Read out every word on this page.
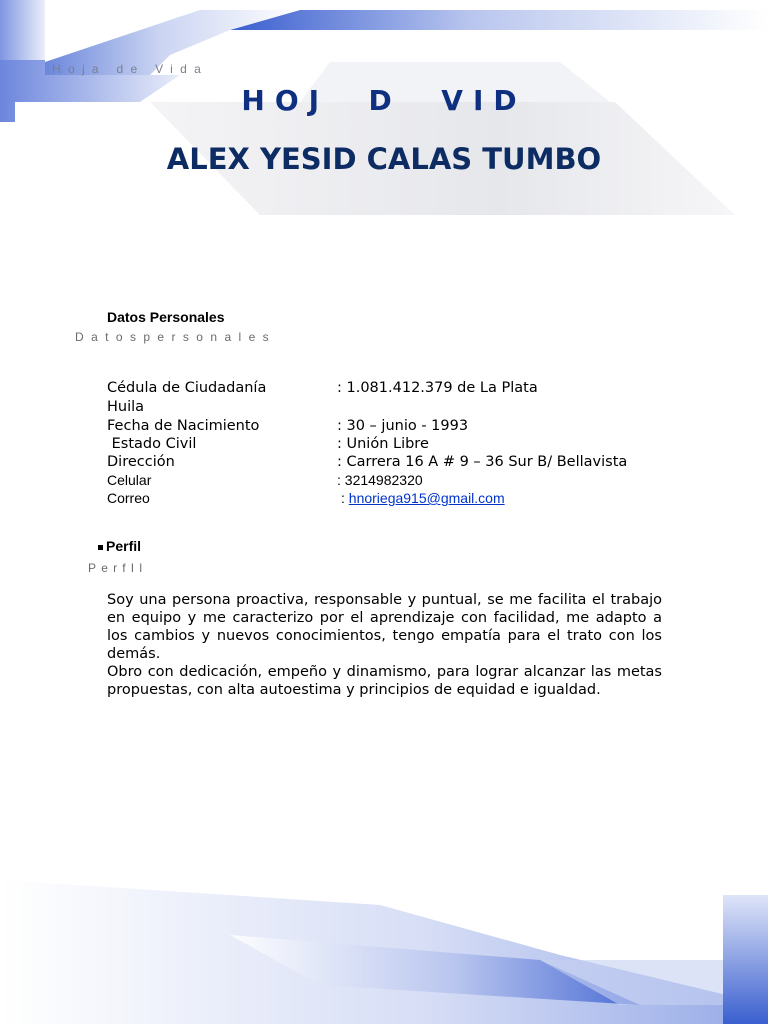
Hoja de Vida
HOJ  D  VID
ALEX YESID CALAS TUMBO
Datos Personales
Datospersonales
Cédula de Ciudadanía	: 1.081.412.379 de La Plata
Huila
Fecha de Nacimiento	: 30 – junio - 1993
Estado Civil	: Unión Libre
Dirección	: Carrera 16 A # 9 – 36 Sur B/ Bellavista
Celular	: 3214982320
Correo	: hnoriega915@gmail.com
Perfil
PerfIl
Soy una persona proactiva, responsable y puntual, se me facilita el trabajo en equipo y me caracterizo por el aprendizaje con facilidad, me adapto a los cambios y nuevos conocimientos, tengo empatía para el trato con los demás.
Obro con dedicación, empeño y dinamismo, para lograr alcanzar las metas propuestas, con alta autoestima y principios de equidad e igualdad.
